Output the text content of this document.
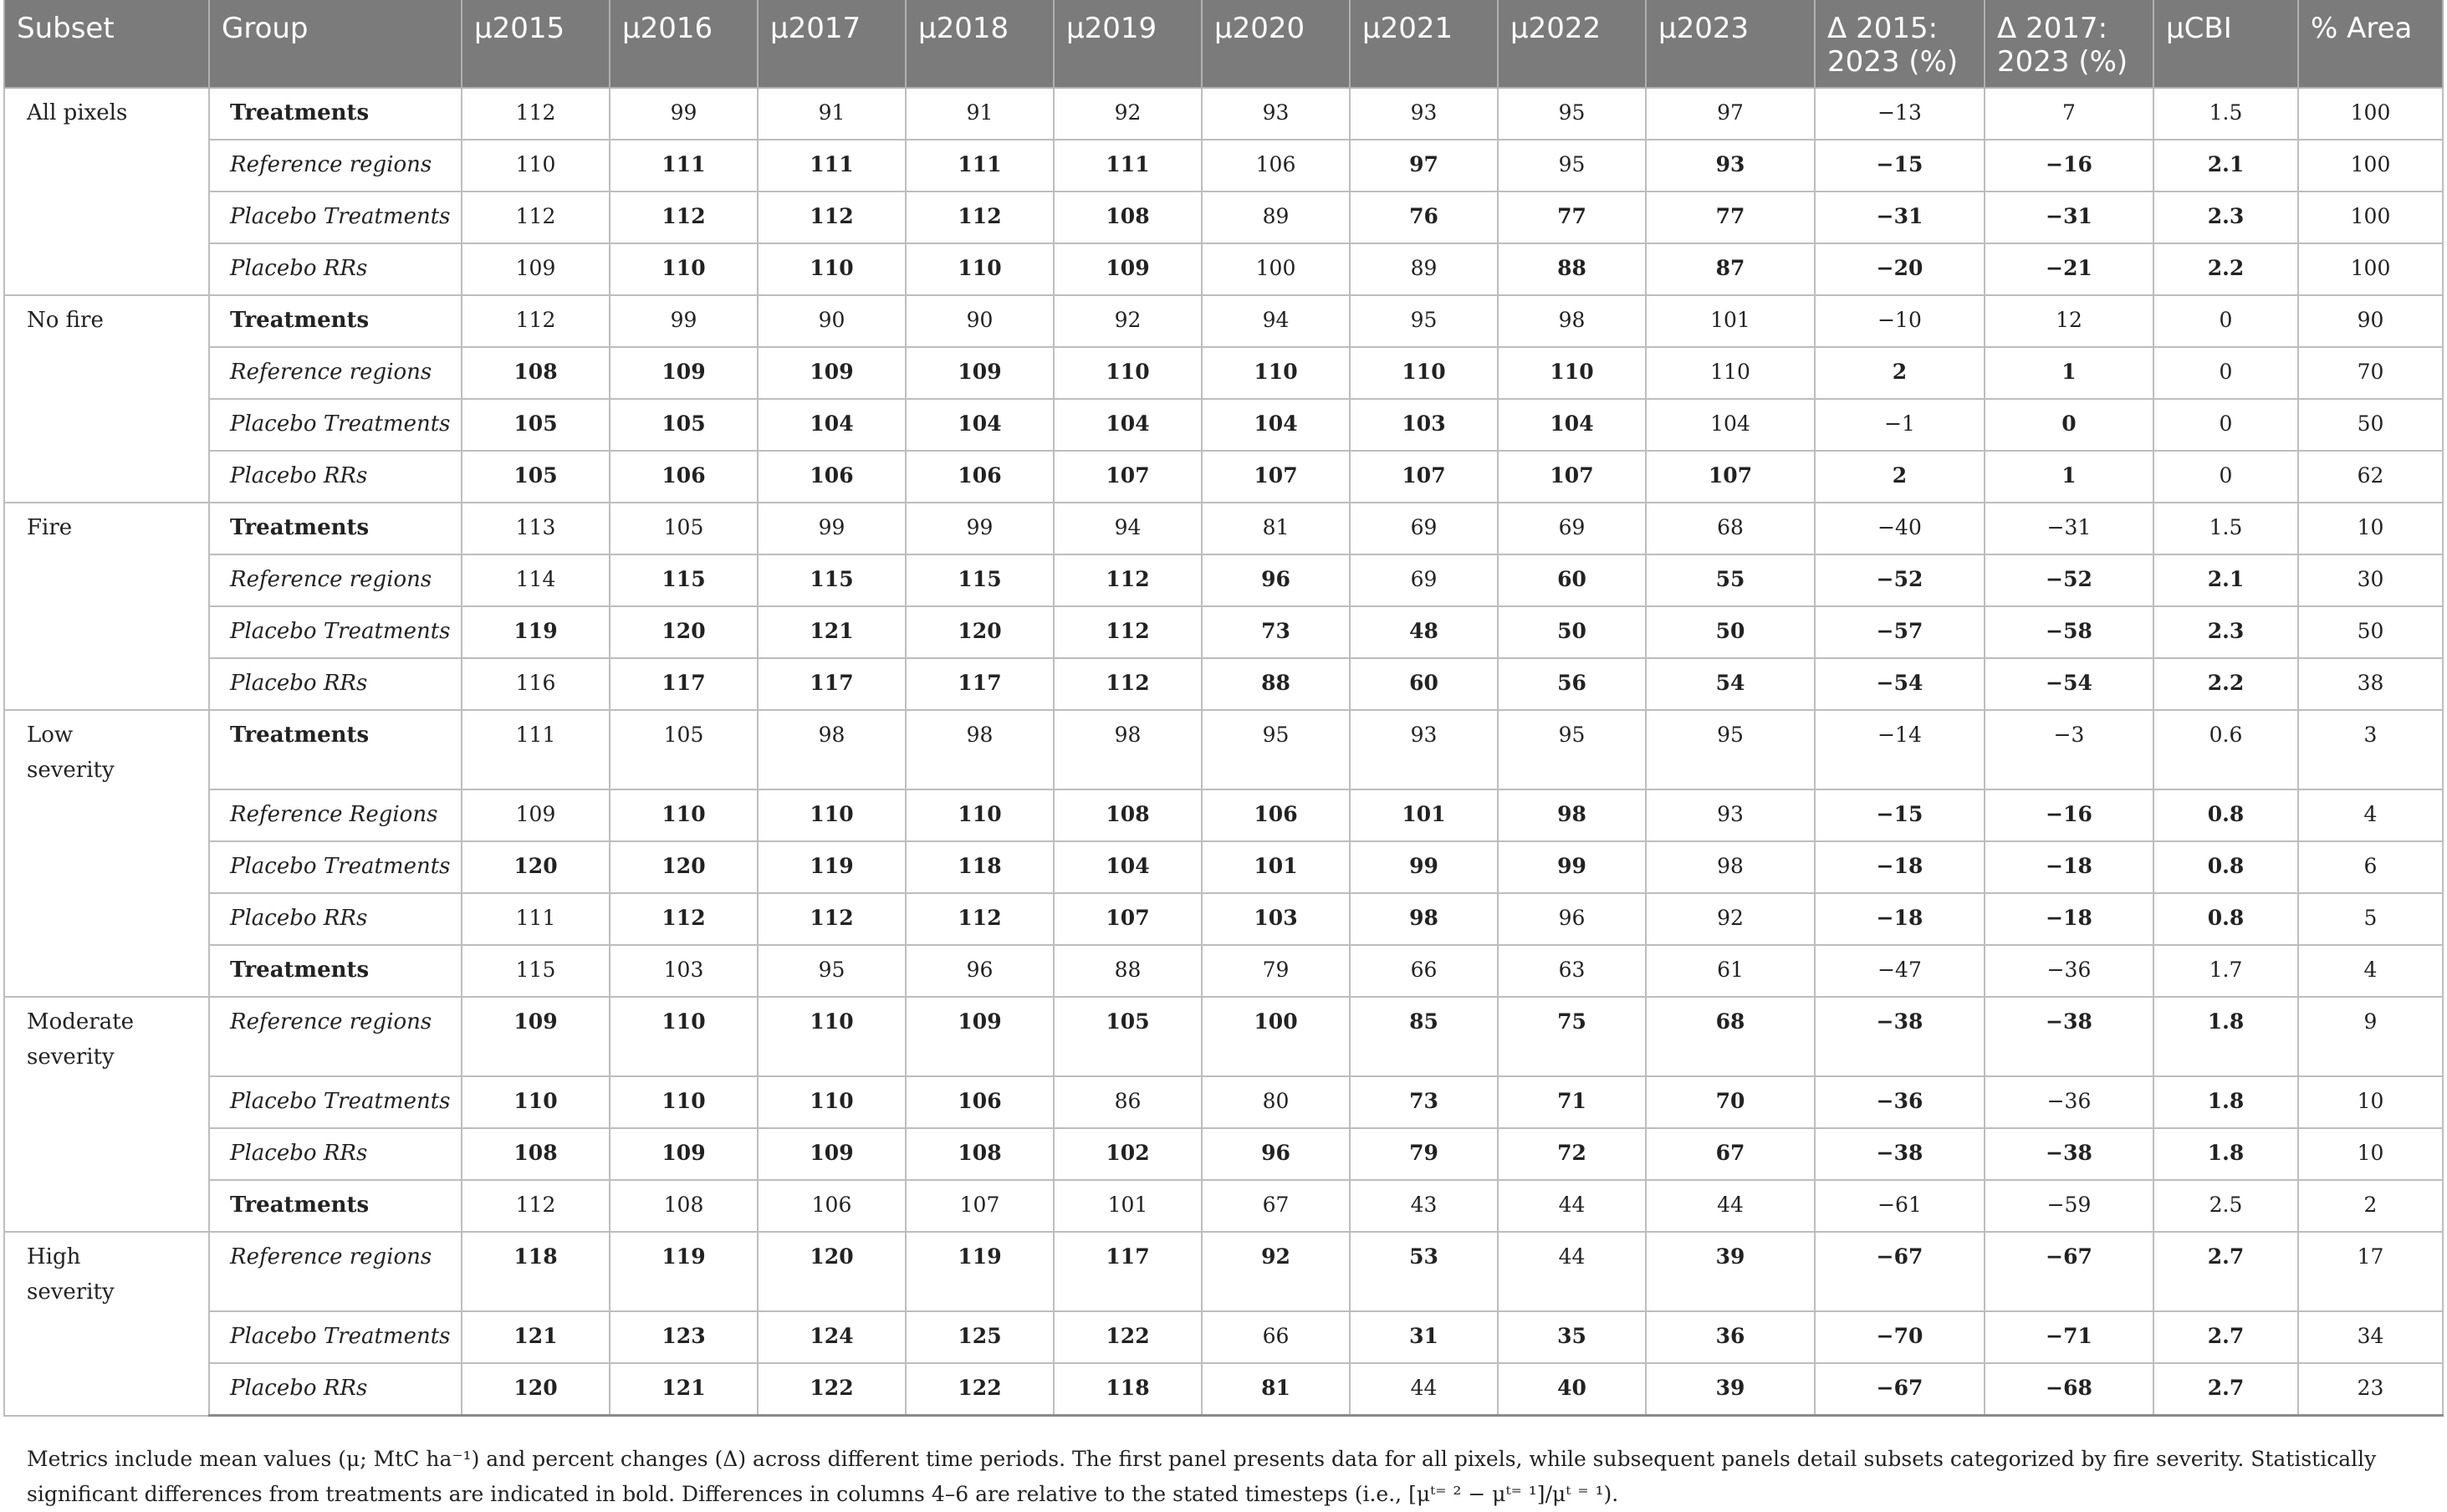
Subset	Group	μ2015	μ2016	μ2017	μ2018	μ2019	μ2020	μ2021	μ2022	μ2023	Δ 2015: 2023 (%)	Δ 2017: 2023 (%)	μCBI	% Area
All pixels	Treatments	112	99	91	91	92	93	93	95	97	−13	7	1.5	100
	Reference regions	110	111	111	111	111	106	97	95	93	−15	−16	2.1	100
	Placebo Treatments	112	112	112	112	108	89	76	77	77	−31	−31	2.3	100
	Placebo RRs	109	110	110	110	109	100	89	88	87	−20	−21	2.2	100
No fire	Treatments	112	99	90	90	92	94	95	98	101	−10	12	0	90
	Reference regions	108	109	109	109	110	110	110	110	110	2	1	0	70
	Placebo Treatments	105	105	104	104	104	104	103	104	104	−1	0	0	50
	Placebo RRs	105	106	106	106	107	107	107	107	107	2	1	0	62
Fire	Treatments	113	105	99	99	94	81	69	69	68	−40	−31	1.5	10
	Reference regions	114	115	115	115	112	96	69	60	55	−52	−52	2.1	30
	Placebo Treatments	119	120	121	120	112	73	48	50	50	−57	−58	2.3	50
	Placebo RRs	116	117	117	117	112	88	60	56	54	−54	−54	2.2	38
Low severity	Treatments	111	105	98	98	98	95	93	95	95	−14	−3	0.6	3
	Reference Regions	109	110	110	110	108	106	101	98	93	−15	−16	0.8	4
	Placebo Treatments	120	120	119	118	104	101	99	99	98	−18	−18	0.8	6
	Placebo RRs	111	112	112	112	107	103	98	96	92	−18	−18	0.8	5
	Treatments	115	103	95	96	88	79	66	63	61	−47	−36	1.7	4
Moderate severity	Reference regions	109	110	110	109	105	100	85	75	68	−38	−38	1.8	9
	Placebo Treatments	110	110	110	106	86	80	73	71	70	−36	−36	1.8	10
	Placebo RRs	108	109	109	108	102	96	79	72	67	−38	−38	1.8	10
	Treatments	112	108	106	107	101	67	43	44	44	−61	−59	2.5	2
High severity	Reference regions	118	119	120	119	117	92	53	44	39	−67	−67	2.7	17
	Placebo Treatments	121	123	124	125	122	66	31	35	36	−70	−71	2.7	34
	Placebo RRs	120	121	122	122	118	81	44	40	39	−67	−68	2.7	23
Metrics include mean values (μ; MtC ha⁻¹) and percent changes (Δ) across different time periods. The first panel presents data for all pixels, while subsequent panels detail subsets categorized by fire severity. Statistically significant differences from treatments are indicated in bold. Differences in columns 4–6 are relative to the stated timesteps (i.e., [μᵗ⁼ ² − μᵗ⁼ ¹]/μᵗ ⁼ ¹).
